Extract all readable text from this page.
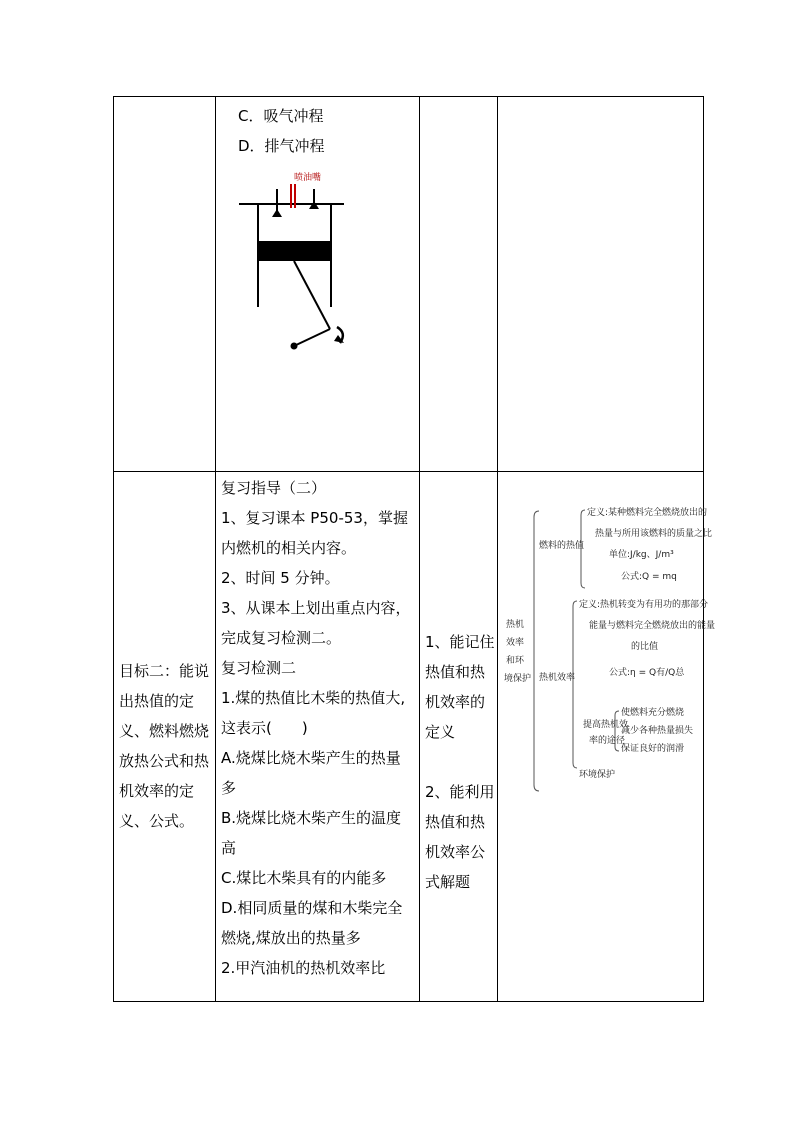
C．吸气冲程

D．排气冲程

喷油嘴
目标二：能说出热值的定义、燃料燃烧放热公式和热机效率的定义、公式。

复习指导（二）

1、复习课本 P50-53，掌握内燃机的相关内容。

2、时间 5 分钟。

3、从课本上划出重点内容，完成复习检测二。

复习检测二

1.煤的热值比木柴的热值大,这表示(　　)

A.烧煤比烧木柴产生的热量多

B.烧煤比烧木柴产生的温度高

C.煤比木柴具有的内能多

D.相同质量的煤和木柴完全燃烧,煤放出的热量多

2.甲汽油机的热机效率比

1、能记住热值和热机效率的定义

2、能利用热值和热机效率公式解题

热机
效率
和环
境保护
燃料的热值
定义:某种燃料完全燃烧放出的
热量与所用该燃料的质量之比
单位:J/kg、J/m³
公式:Q = mq
热机效率
定义:热机转变为有用功的那部分
能量与燃料完全燃烧放出的能量
的比值
公式:η = Q有/Q总
提高热机效
率的途径
使燃料充分燃烧
减少各种热量损失
保证良好的润滑
环境保护
